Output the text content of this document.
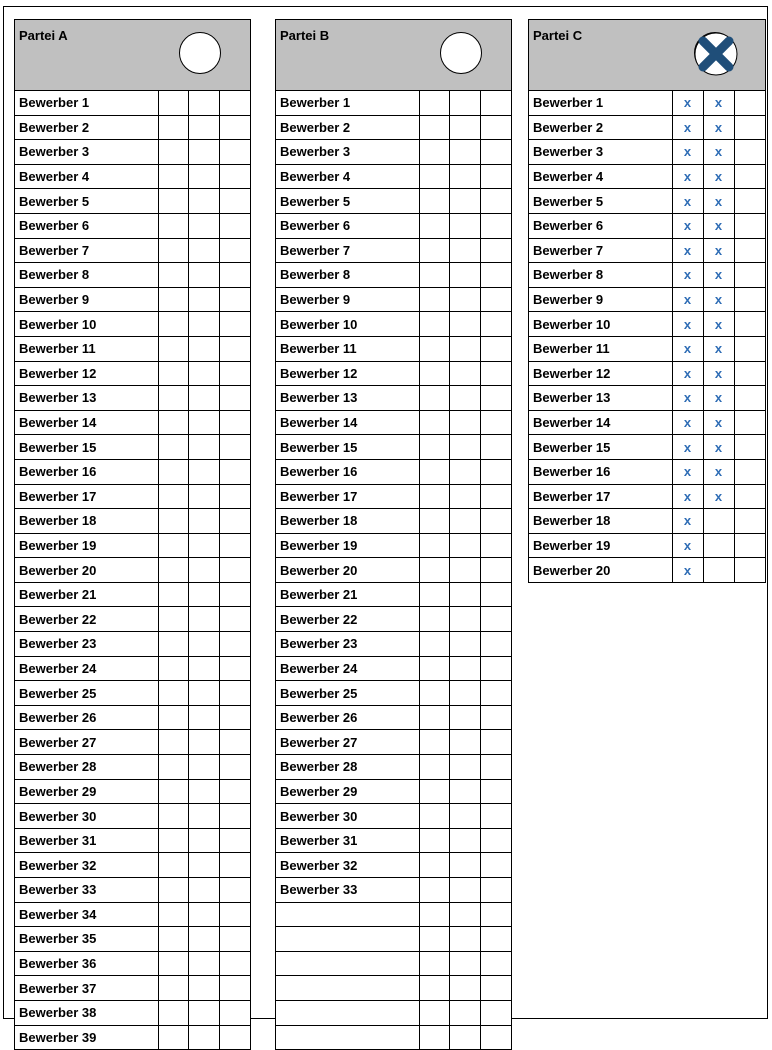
Partei A
Bewerber 1			
Bewerber 2			
Bewerber 3			
Bewerber 4			
Bewerber 5			
Bewerber 6			
Bewerber 7			
Bewerber 8			
Bewerber 9			
Bewerber 10			
Bewerber 11			
Bewerber 12			
Bewerber 13			
Bewerber 14			
Bewerber 15			
Bewerber 16			
Bewerber 17			
Bewerber 18			
Bewerber 19			
Bewerber 20			
Bewerber 21			
Bewerber 22			
Bewerber 23			
Bewerber 24			
Bewerber 25			
Bewerber 26			
Bewerber 27			
Bewerber 28			
Bewerber 29			
Bewerber 30			
Bewerber 31			
Bewerber 32			
Bewerber 33			
Bewerber 34			
Bewerber 35			
Bewerber 36			
Bewerber 37			
Bewerber 38			
Bewerber 39			
Partei B
Bewerber 1			
Bewerber 2			
Bewerber 3			
Bewerber 4			
Bewerber 5			
Bewerber 6			
Bewerber 7			
Bewerber 8			
Bewerber 9			
Bewerber 10			
Bewerber 11			
Bewerber 12			
Bewerber 13			
Bewerber 14			
Bewerber 15			
Bewerber 16			
Bewerber 17			
Bewerber 18			
Bewerber 19			
Bewerber 20			
Bewerber 21			
Bewerber 22			
Bewerber 23			
Bewerber 24			
Bewerber 25			
Bewerber 26			
Bewerber 27			
Bewerber 28			
Bewerber 29			
Bewerber 30			
Bewerber 31			
Bewerber 32			
Bewerber 33			

Partei C
Bewerber 1	x	x	
Bewerber 2	x	x	
Bewerber 3	x	x	
Bewerber 4	x	x	
Bewerber 5	x	x	
Bewerber 6	x	x	
Bewerber 7	x	x	
Bewerber 8	x	x	
Bewerber 9	x	x	
Bewerber 10	x	x	
Bewerber 11	x	x	
Bewerber 12	x	x	
Bewerber 13	x	x	
Bewerber 14	x	x	
Bewerber 15	x	x	
Bewerber 16	x	x	
Bewerber 17	x	x	
Bewerber 18	x		
Bewerber 19	x		
Bewerber 20	x		
